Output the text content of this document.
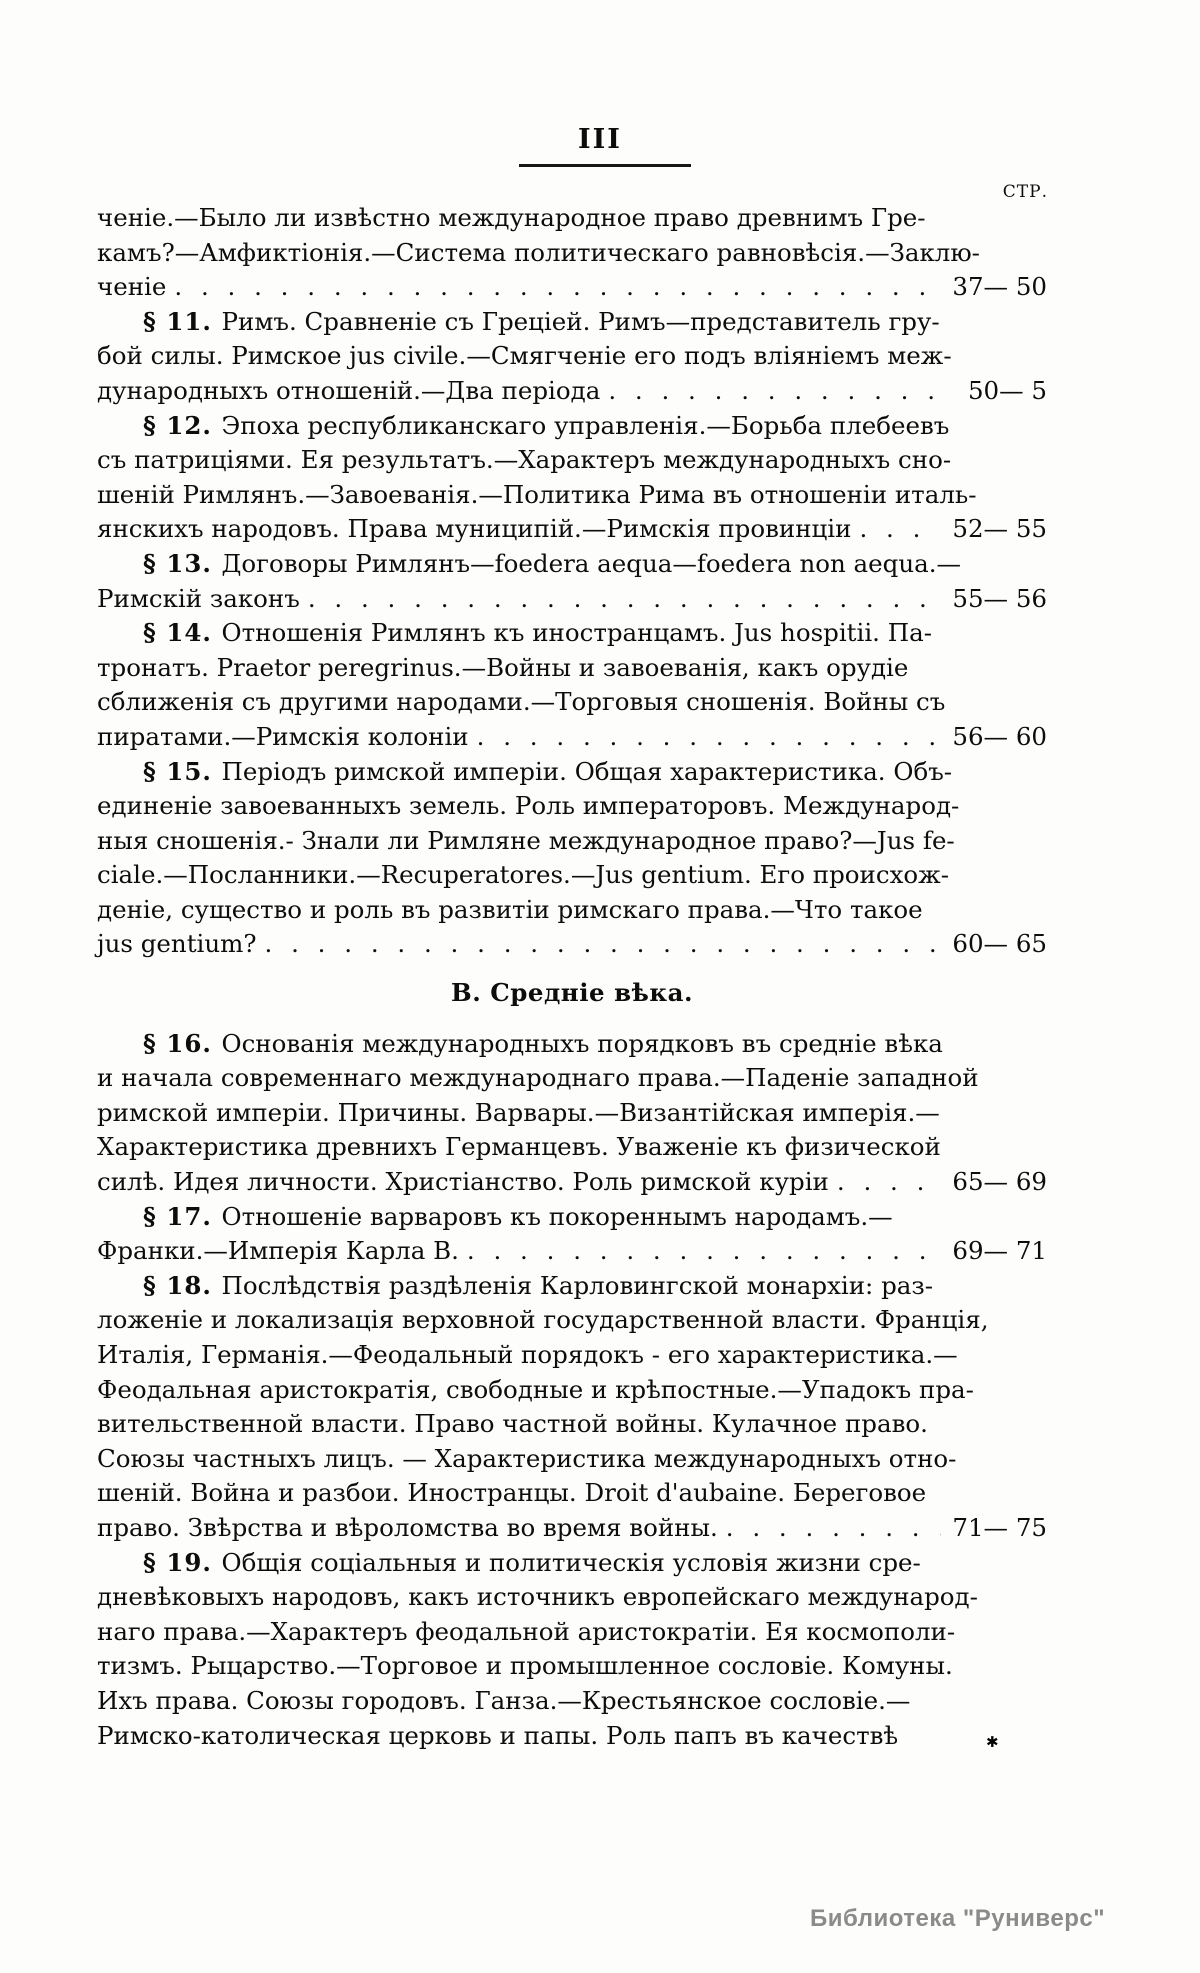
III
СТР.
ченіе.—Было ли извѣстно международное право древнимъ Гре-
камъ?—Амфиктіонія.—Система политическаго равновѣсія.—Заклю-
ченіе . . .	37— 50
§ 11. Римъ. Сравненіе съ Греціей. Римъ—представитель гру-
бой силы. Римское jus civile.—Смягченіе его подъ вліяніемъ меж-
дународныхъ отношеній.—Два періода . . .	50— 5
§ 12. Эпоха республиканскаго управленія.—Борьба плебеевъ
съ патриціями. Ея результатъ.—Характеръ международныхъ сно-
шеній Римлянъ.—Завоеванія.—Политика Рима въ отношеніи италь-
янскихъ народовъ. Права муниципій.—Римскія провинціи . . .	52— 55
§ 13. Договоры Римлянъ—foedera aequa—foedera non aequa.—
Римскій законъ . . .	55— 56
§ 14. Отношенія Римлянъ къ иностранцамъ. Jus hospitii. Па-
тронатъ. Praetor peregrinus.—Войны и завоеванія, какъ орудіе
сближенія съ другими народами.—Торговыя сношенія. Войны съ
пиратами.—Римскія колоніи . . .	56— 60
§ 15. Періодъ римской имперіи. Общая характеристика. Объ-
единеніе завоеванныхъ земель. Роль императоровъ. Международ-
ныя сношенія.- Знали ли Римляне международное право?—Jus fe-
ciale.—Посланники.—Recuperatores.—Jus gentium. Его происхож-
деніе, существо и роль въ развитіи римскаго права.—Что такое
jus gentium? . . .	60— 65
В. Средніе вѣка.
§ 16. Основанія международныхъ порядковъ въ средніе вѣка
и начала современнаго международнаго права.—Паденіе западной
римской имперіи. Причины. Варвары.—Византійская имперія.—
Характеристика древнихъ Германцевъ. Уваженіе къ физической
силѣ. Идея личности. Христіанство. Роль римской куріи . . .	65— 69
§ 17. Отношеніе варваровъ къ покореннымъ народамъ.—
Франки.—Имперія Карла В. . . .	69— 71
§ 18. Послѣдствія раздѣленія Карловингской монархіи: раз-
ложеніе и локализація верховной государственной власти. Франція,
Италія, Германія.—Феодальный порядокъ - его характеристика.—
Феодальная аристократія, свободные и крѣпостные.—Упадокъ пра-
вительственной власти. Право частной войны. Кулачное право.
Союзы частныхъ лицъ. — Характеристика международныхъ отно-
шеній. Война и разбои. Иностранцы. Droit d'aubaine. Береговое
право. Звѣрства и вѣроломства во время войны. . . .	71— 75
§ 19. Общія соціальныя и политическія условія жизни сре-
дневѣковыхъ народовъ, какъ источникъ европейскаго международ-
наго права.—Характеръ феодальной аристократіи. Ея космополи-
тизмъ. Рыцарство.—Торговое и промышленное сословіе. Комуны.
Ихъ права. Союзы городовъ. Ганза.—Крестьянское сословіе.—
Римско-католическая церковь и папы. Роль папъ въ качествѣ	✱
Библиотека "Руниверс"
